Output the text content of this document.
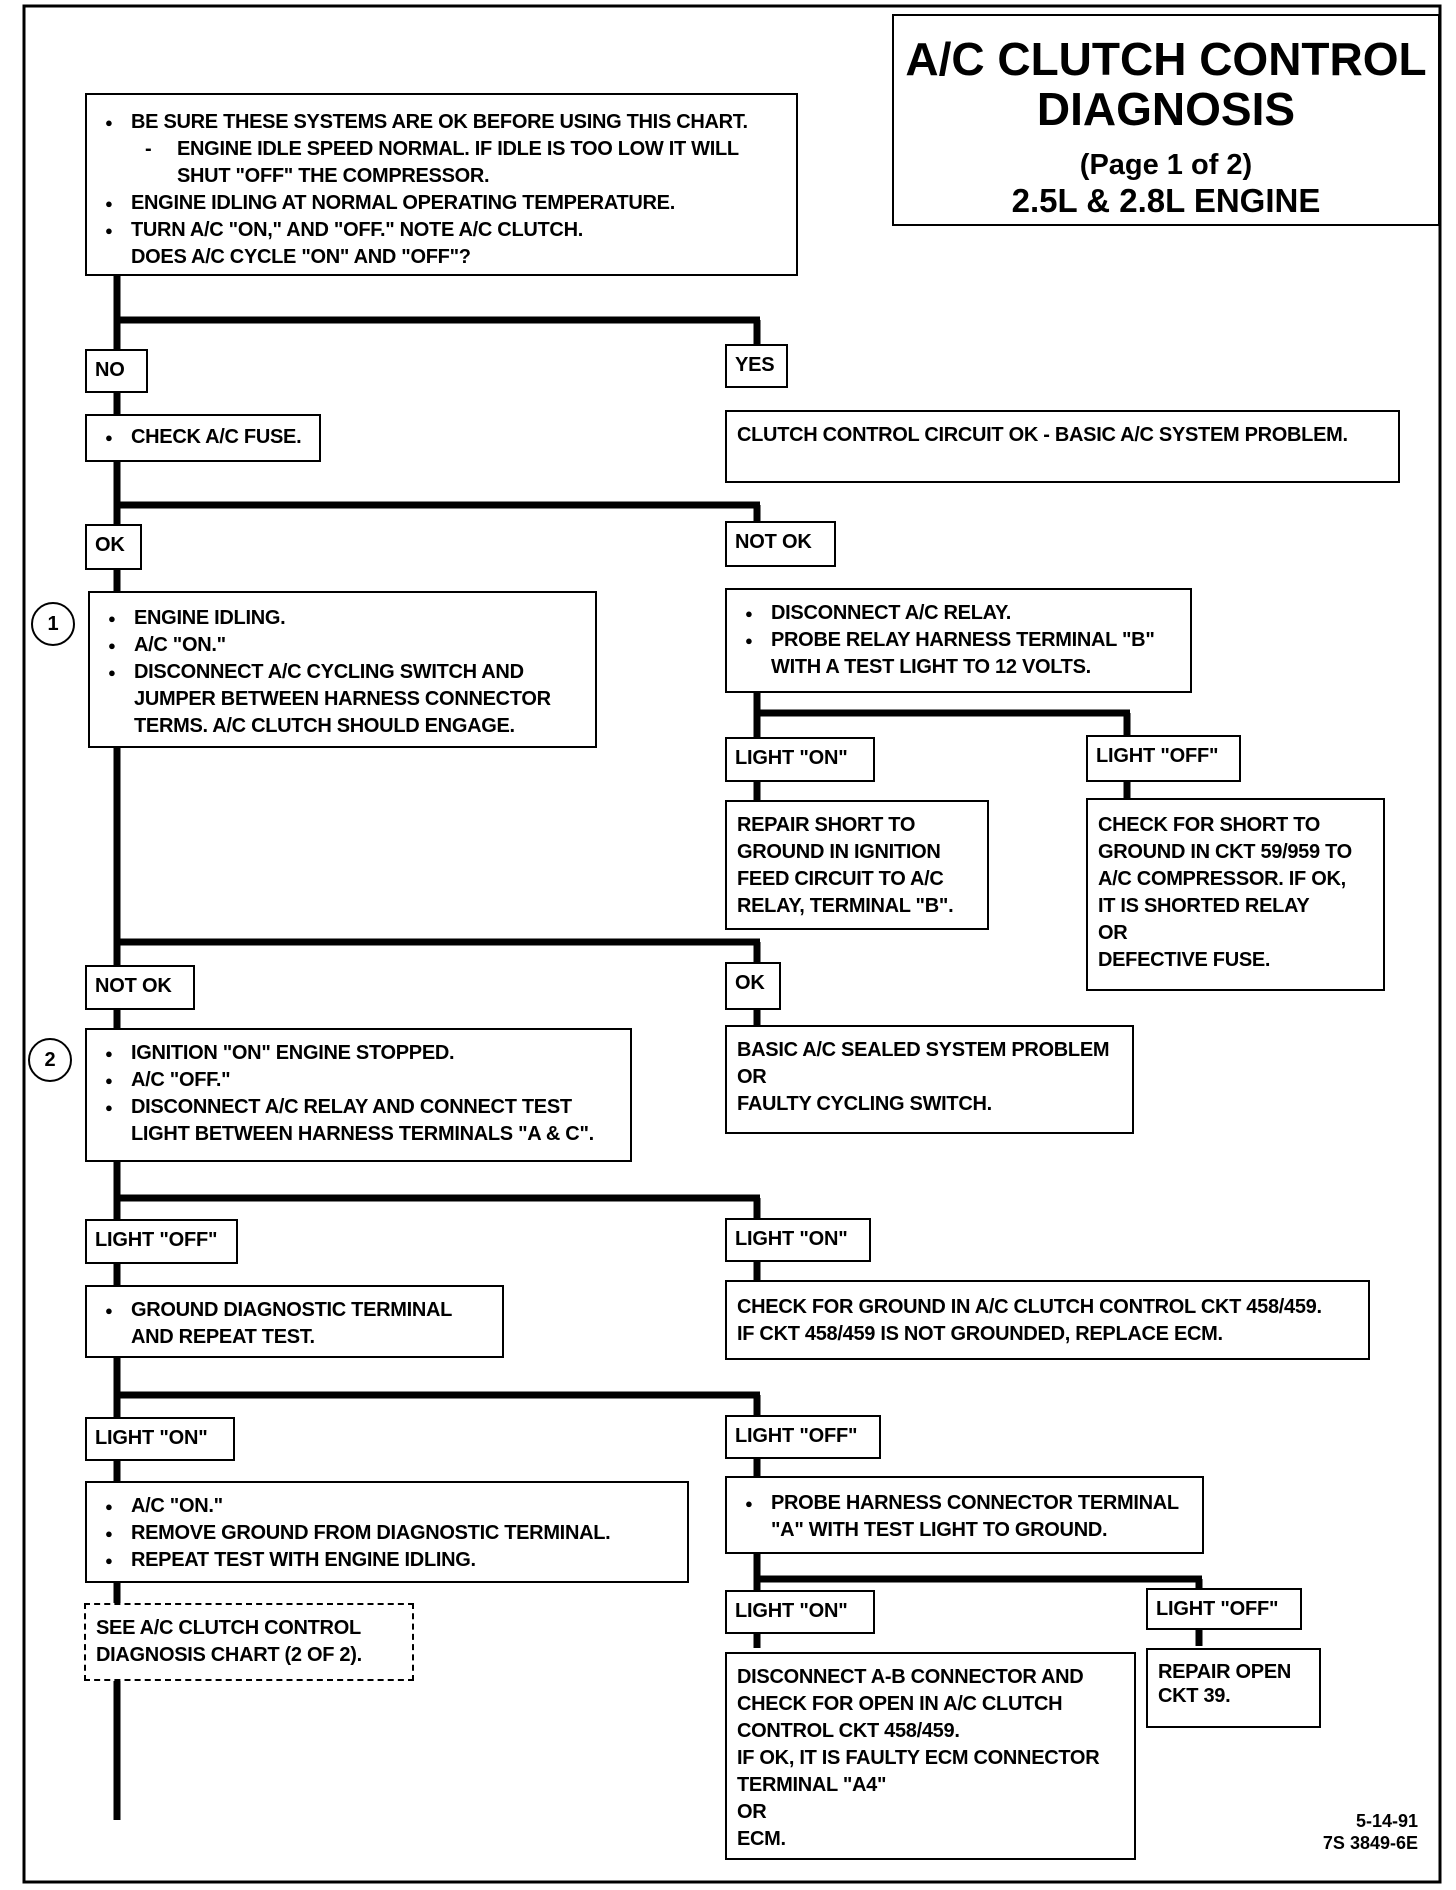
A/C CLUTCH CONTROL
DIAGNOSIS
(Page 1 of 2)
2.5L & 2.8L ENGINE
● BE SURE THESE SYSTEMS ARE OK BEFORE USING THIS CHART.
- ENGINE IDLE SPEED NORMAL. IF IDLE IS TOO LOW IT WILL
SHUT "OFF" THE COMPRESSOR.
● ENGINE IDLING AT NORMAL OPERATING TEMPERATURE.
● TURN A/C "ON," AND "OFF." NOTE A/C CLUTCH.
DOES A/C CYCLE "ON" AND "OFF"?
NO	YES
● CHECK A/C FUSE.	CLUTCH CONTROL CIRCUIT OK - BASIC A/C SYSTEM PROBLEM.
OK	NOT OK
1	● ENGINE IDLING.
● A/C "ON."
● DISCONNECT A/C CYCLING SWITCH AND
JUMPER BETWEEN HARNESS CONNECTOR
TERMS. A/C CLUTCH SHOULD ENGAGE.
● DISCONNECT A/C RELAY.
● PROBE RELAY HARNESS TERMINAL "B"
WITH A TEST LIGHT TO 12 VOLTS.
LIGHT "ON"	LIGHT "OFF"
REPAIR SHORT TO
GROUND IN IGNITION
FEED CIRCUIT TO A/C
RELAY, TERMINAL "B".
CHECK FOR SHORT TO
GROUND IN CKT 59/959 TO
A/C COMPRESSOR. IF OK,
IT IS SHORTED RELAY
OR
DEFECTIVE FUSE.
NOT OK	OK
2	● IGNITION "ON" ENGINE STOPPED.
● A/C "OFF."
● DISCONNECT A/C RELAY AND CONNECT TEST
LIGHT BETWEEN HARNESS TERMINALS "A & C".
BASIC A/C SEALED SYSTEM PROBLEM
OR
FAULTY CYCLING SWITCH.
LIGHT "OFF"	LIGHT "ON"
● GROUND DIAGNOSTIC TERMINAL
AND REPEAT TEST.
CHECK FOR GROUND IN A/C CLUTCH CONTROL CKT 458/459.
IF CKT 458/459 IS NOT GROUNDED, REPLACE ECM.
LIGHT "ON"	LIGHT "OFF"
● A/C "ON."
● REMOVE GROUND FROM DIAGNOSTIC TERMINAL.
● REPEAT TEST WITH ENGINE IDLING.
● PROBE HARNESS CONNECTOR TERMINAL
"A" WITH TEST LIGHT TO GROUND.
SEE A/C CLUTCH CONTROL
DIAGNOSIS CHART (2 OF 2).
LIGHT "ON"	LIGHT "OFF"
DISCONNECT A-B CONNECTOR AND
CHECK FOR OPEN IN A/C CLUTCH
CONTROL CKT 458/459.
IF OK, IT IS FAULTY ECM CONNECTOR
TERMINAL "A4"
OR
ECM.
REPAIR OPEN
CKT 39.
5-14-91
7S 3849-6E
